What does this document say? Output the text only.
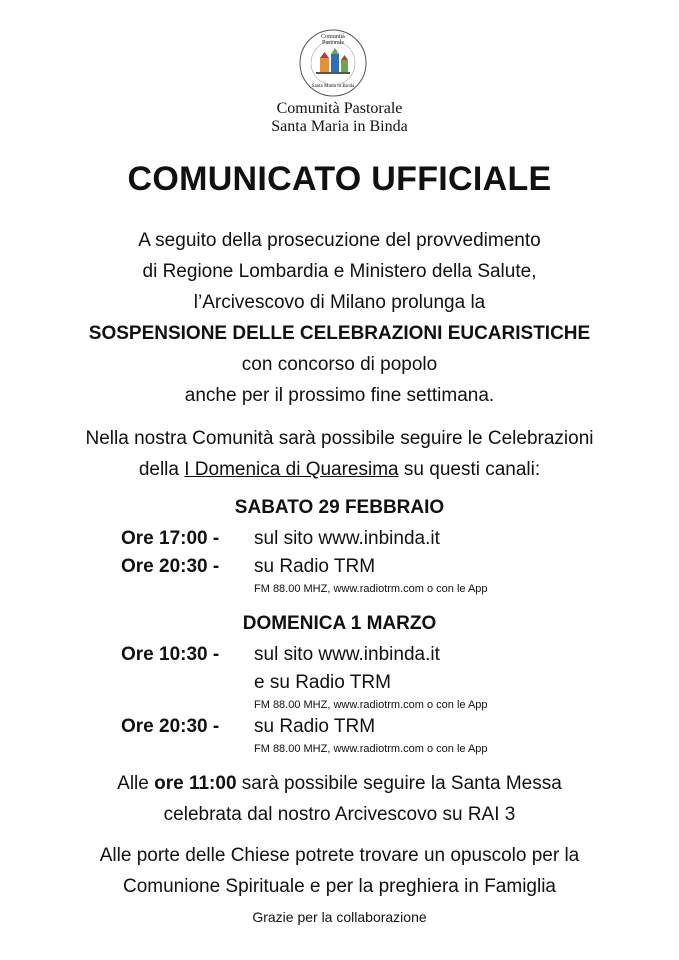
Comunità Pastorale
Santa Maria in Binda
Comunità Pastorale
Santa Maria in Binda
COMUNICATO UFFICIALE
A seguito della prosecuzione del provvedimento
di Regione Lombardia e Ministero della Salute,
l’Arcivescovo di Milano prolunga la
SOSPENSIONE DELLE CELEBRAZIONI EUCARISTICHE
con concorso di popolo
anche per il prossimo fine settimana.
Nella nostra Comunità sarà possibile seguire le Celebrazioni
della I Domenica di Quaresima su questi canali:
SABATO 29 FEBBRAIO
Ore 17:00 - sul sito www.inbinda.it
Ore 20:30 - su Radio TRM
FM 88.00 MHZ, www.radiotrm.com o con le App
DOMENICA 1 MARZO
Ore 10:30 - sul sito www.inbinda.it
e su Radio TRM
FM 88.00 MHZ, www.radiotrm.com o con le App
Ore 20:30 - su Radio TRM
FM 88.00 MHZ, www.radiotrm.com o con le App
Alle ore 11:00 sarà possibile seguire la Santa Messa
celebrata dal nostro Arcivescovo su RAI 3
Alle porte delle Chiese potrete trovare un opuscolo per la
Comunione Spirituale e per la preghiera in Famiglia
Grazie per la collaborazione
